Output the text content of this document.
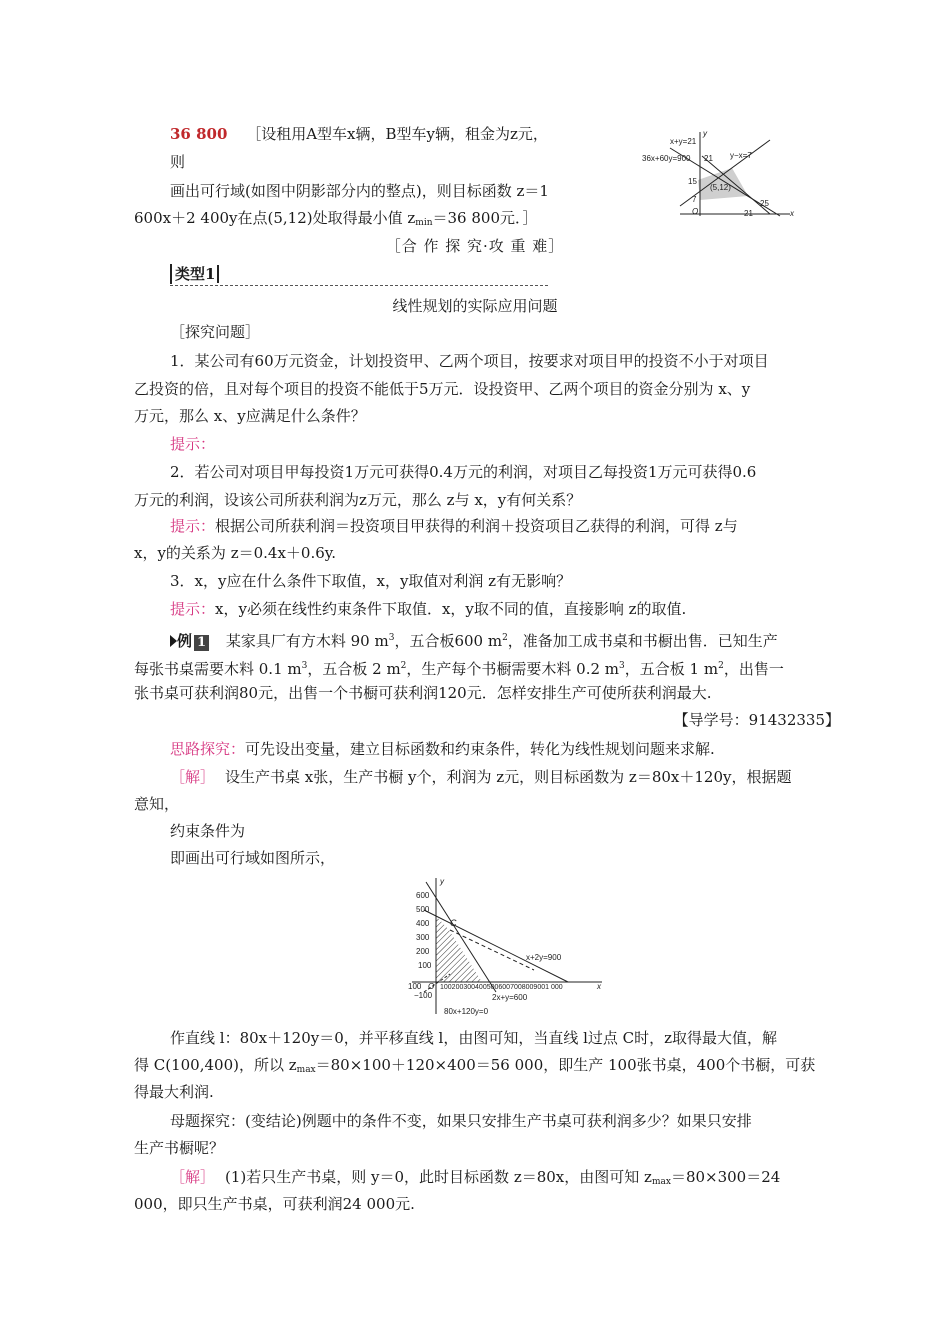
36 800 ［设租用A型车x辆，B型车y辆，租金为z元，
则
画出可行域(如图中阴影部分内的整点)，则目标函数 z＝1
600x＋2 400y在点(5,12)处取得最小值 $z_{min}=36$ 800元．］
x+y=21
36x+60y=900	y−x=7
21
15
(5,12)
7
O	21
25
x
y
［合 作 探 究·攻 重 难］
类型1
线性规划的实际应用问题
［探究问题］
1．某公司有60万元资金，计划投资甲、乙两个项目，按要求对项目甲的投资不小于对项目
乙投资的倍，且对每个项目的投资不能低于5万元．设投资甲、乙两个项目的资金分别为 x、y
万元，那么 x、y应满足什么条件？
提示：
2．若公司对项目甲每投资1万元可获得0.4万元的利润，对项目乙每投资1万元可获得0.6
万元的利润，设该公司所获利润为z万元，那么 z与 x，y有何关系？
提示：根据公司所获利润＝投资项目甲获得的利润＋投资项目乙获得的利润，可得 z与
x，y的关系为 z＝0.4x＋0.6y.
3．x，y应在什么条件下取值，x，y取值对利润 z有无影响？
提示：x，y必须在线性约束条件下取值．x，y取不同的值，直接影响 z的取值.
例 1 某家具厂有方木料 90 $m^3$，五合板600 $m^2$，准备加工成书桌和书橱出售．已知生产
每张书桌需要木料 0.1 $m^3$，五合板 2 $m^2$，生产每个书橱需要木料 0.2 $m^3$，五合板 1 $m^2$，出售一
张书桌可获利润80元，出售一个书橱可获利润120元．怎样安排生产可使所获利润最大.
【导学号：91432335】
思路探究：可先设出变量，建立目标函数和约束条件，转化为线性规划问题来求解.
［解］ 设生产书桌 x张，生产书橱 y个，利润为 z元，则目标函数为 z＝80x＋120y，根据题
意知，
约束条件为
即画出可行域如图所示，
600
500
400
300
200
100
−100
100 O 1002003004005006007008009001 000	x
y
C
x+2y=900
2x+y=600
80x+120y=0
作直线 l：80x＋120y＝0，并平移直线 l，由图可知，当直线 l过点 C时，z取得最大值，解
得 C(100,400)，所以 $z_{max}=80\times 100+120\times 400=56$ 000，即生产 100张书桌，400个书橱，可获
得最大利润.
母题探究：(变结论)例题中的条件不变，如果只安排生产书桌可获利润多少？如果只安排
生产书橱呢？
［解］ (1)若只生产书桌，则 y＝0，此时目标函数 z＝80x，由图可知 $z_{max}=80\times 300=24$
000，即只生产书桌，可获利润24 000元.
